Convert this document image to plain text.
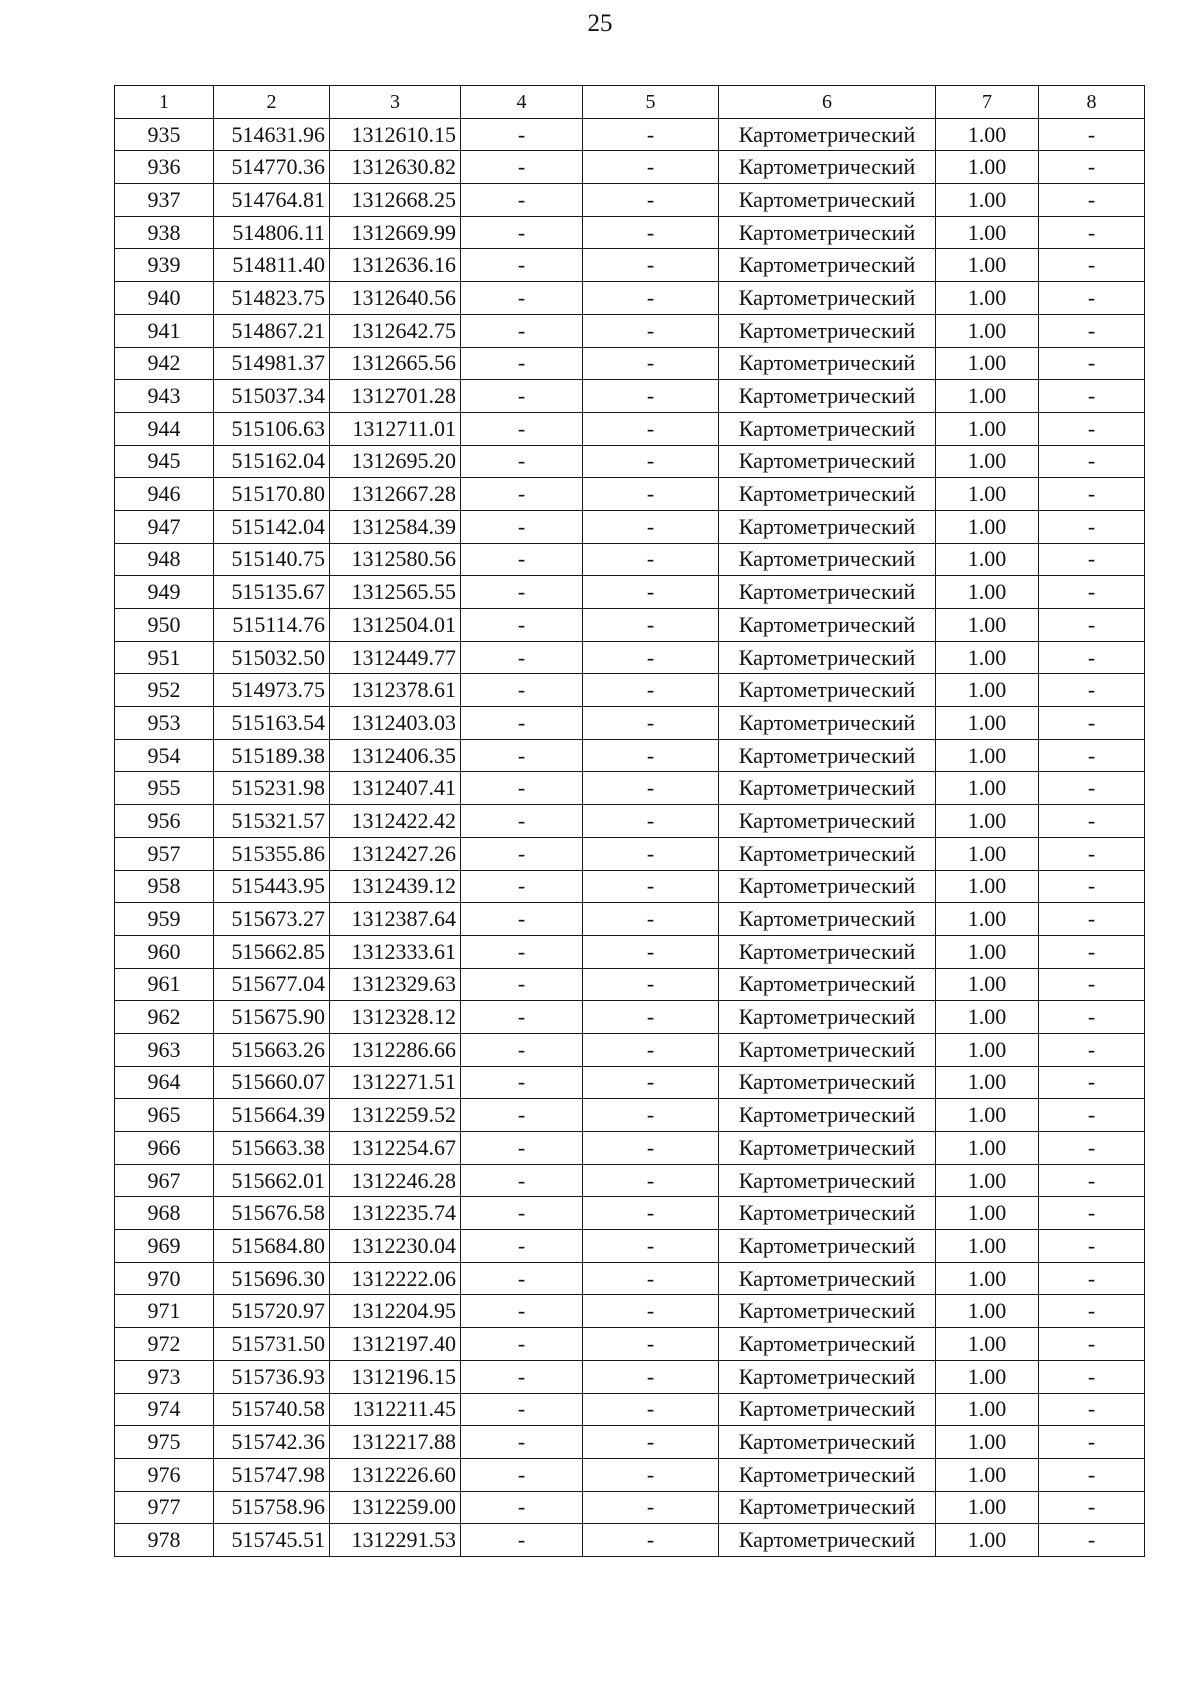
25
1	2	3	4	5	6	7	8
935	514631.96	1312610.15	-	-	Картометрический	1.00	-
936	514770.36	1312630.82	-	-	Картометрический	1.00	-
937	514764.81	1312668.25	-	-	Картометрический	1.00	-
938	514806.11	1312669.99	-	-	Картометрический	1.00	-
939	514811.40	1312636.16	-	-	Картометрический	1.00	-
940	514823.75	1312640.56	-	-	Картометрический	1.00	-
941	514867.21	1312642.75	-	-	Картометрический	1.00	-
942	514981.37	1312665.56	-	-	Картометрический	1.00	-
943	515037.34	1312701.28	-	-	Картометрический	1.00	-
944	515106.63	1312711.01	-	-	Картометрический	1.00	-
945	515162.04	1312695.20	-	-	Картометрический	1.00	-
946	515170.80	1312667.28	-	-	Картометрический	1.00	-
947	515142.04	1312584.39	-	-	Картометрический	1.00	-
948	515140.75	1312580.56	-	-	Картометрический	1.00	-
949	515135.67	1312565.55	-	-	Картометрический	1.00	-
950	515114.76	1312504.01	-	-	Картометрический	1.00	-
951	515032.50	1312449.77	-	-	Картометрический	1.00	-
952	514973.75	1312378.61	-	-	Картометрический	1.00	-
953	515163.54	1312403.03	-	-	Картометрический	1.00	-
954	515189.38	1312406.35	-	-	Картометрический	1.00	-
955	515231.98	1312407.41	-	-	Картометрический	1.00	-
956	515321.57	1312422.42	-	-	Картометрический	1.00	-
957	515355.86	1312427.26	-	-	Картометрический	1.00	-
958	515443.95	1312439.12	-	-	Картометрический	1.00	-
959	515673.27	1312387.64	-	-	Картометрический	1.00	-
960	515662.85	1312333.61	-	-	Картометрический	1.00	-
961	515677.04	1312329.63	-	-	Картометрический	1.00	-
962	515675.90	1312328.12	-	-	Картометрический	1.00	-
963	515663.26	1312286.66	-	-	Картометрический	1.00	-
964	515660.07	1312271.51	-	-	Картометрический	1.00	-
965	515664.39	1312259.52	-	-	Картометрический	1.00	-
966	515663.38	1312254.67	-	-	Картометрический	1.00	-
967	515662.01	1312246.28	-	-	Картометрический	1.00	-
968	515676.58	1312235.74	-	-	Картометрический	1.00	-
969	515684.80	1312230.04	-	-	Картометрический	1.00	-
970	515696.30	1312222.06	-	-	Картометрический	1.00	-
971	515720.97	1312204.95	-	-	Картометрический	1.00	-
972	515731.50	1312197.40	-	-	Картометрический	1.00	-
973	515736.93	1312196.15	-	-	Картометрический	1.00	-
974	515740.58	1312211.45	-	-	Картометрический	1.00	-
975	515742.36	1312217.88	-	-	Картометрический	1.00	-
976	515747.98	1312226.60	-	-	Картометрический	1.00	-
977	515758.96	1312259.00	-	-	Картометрический	1.00	-
978	515745.51	1312291.53	-	-	Картометрический	1.00	-
